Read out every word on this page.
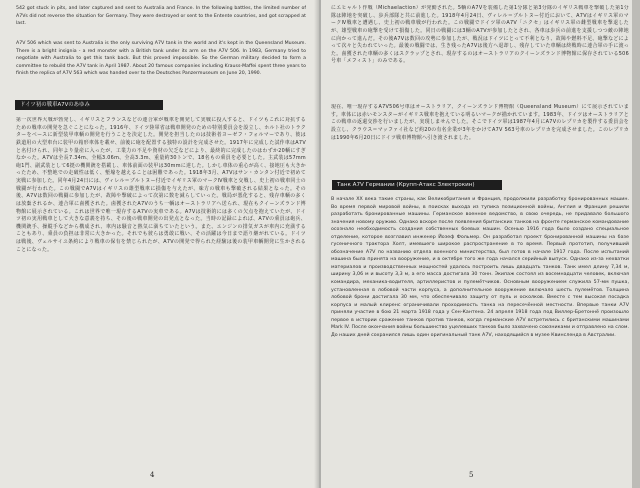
542 got stuck in pits, and later captured and sent to Australia and France. In the following battles, the limited number of A7Vs did not reverse the situation for Germany. They were destroyed or sent to the Entente countries, and got scrapped at last.
A7V 506 which was sent to Australia is the only surviving A7V tank in the world and it's kept in the Queensland Museum. There is a bright insignia - a red monster with a British tank under its arm on the A7V 506. In 1983, Germany tried to negotiate with Australia to get this tank back. But this proved impossible. So the German military decided to form a committee to rebuild the A7V tank in April 1987. About 20 famous companies including Krauss-Maffei spent three years to finish the replica of A7V 563 which was handed over to the Deutsches Panzermuseum on June 20, 1990.
ドイツ初の戦車A7Vのあゆみ
第一次世界大戦が勃発し、イギリスとフランスなどの連合軍が戦車を開発して実戦に投入すると、ドイツもこれに対抗するための戦車の開発を急ぐことになった。1916年、ドイツ陸軍省は戦車開発のための特別委員会を設立し、ホルト社のトラクターをベースに新型装甲車輌の開発を行うことを決定した。開発を担当したのは技術者ヨーゼフ・フォルマーであり、彼は鉄道用の大型車台に装甲の箱形車体を載せ、前後に砲を配置する独特の設計を完成させた。1917年に完成した試作車はA7Vと名付けられ、同年より量産に入ったが、工業力の不足や資材の欠乏などにより、最終的に完成したのはわずか20輌にすぎなかった。A7Vは全長7.34m、全幅3.06m、全高3.3m、重量約30トンで、18名もの乗員を必要とした。主武装は57mm砲1門、副武装として6挺の機関銃を搭載し、車体前面の装甲は30mmに達した。しかし車体の重心が高く、接地圧も大きかったため、不整地での走破性は低く、塹壕を越えることは困難であった。1918年3月、A7Vはサン・カンタン付近で初めて実戦に参加した。同年4月24日には、ヴィレル＝ブルトヌー付近でイギリス軍のマークⅣ戦車と交戦し、史上初の戦車同士の戦闘が行われた。この戦闘でA7Vはイギリスの雄型戦車に損傷を与えたが、味方の戦車も撃破される結果となった。その後、A7Vは数回の戦闘に参加したが、故障や撃破によって次第に数を減らしていった。戦局が悪化すると、残存車輌の多くは放棄されるか、連合軍に鹵獲された。鹵獲されたA7Vのうち一輌はオーストラリアへ送られ、現在もクイーンズランド博物館に展示されている。これは世界で唯一現存するA7Vの実車である。A7Vは技術的には多くの欠点を抱えていたが、ドイツ初の実用戦車として大きな意義を持ち、その後の戦車開発の出発点となった。当時の記録によれば、A7Vの乗員は砲兵、機関銃手、操縦手などから構成され、車内は騒音と熱気に満ちていたという。また、エンジンの排気ガスが車内に充満することもあり、乗員の負担は非常に大きかった。それでも彼らは勇敢に戦い、その活躍は今日まで語り継がれている。ドイツは戦後、ヴェルサイユ条約により戦車の保有を禁じられたが、A7Vの開発で得られた経験は後の装甲車輌開発に生かされることになった。
4
にエヒャルト作戦（Michaelaction）が発動された。5輌のA7Vを装備した第1分隊と第3分隊のイギリス戦車を撃破した第1分隊は陣地を突破し、歩兵部隊と共に前進した。1918年4月24日、ヴィレル＝ブルトヌー付近において、A7Vはイギリス軍のマークⅣ戦車と遭遇し、史上初の戦車戦が行われた。この戦闘でドイツ軍のA7V「ニクセ」はイギリス軍の雌型戦車を撃退したが、雄型戦車の砲撃を受けて損傷した。同日の戦闘には3輌のA7Vが参加したとされ、各車は歩兵の前進を支援しつつ敵の陣地に向かって進んだ。その後A7Vは数回の攻勢に参加したが、戦況はドイツにとって不利となり、故障や燃料不足、砲撃などによって次々と失われていった。最後の戦闘では、生き残ったA7Vは後方へ退却し、残存していた車輌は終戦時に連合軍の手に渡った。鹵獲された車輌の多くはスクラップとされ、現存するのはオーストラリアのクイーンズランド博物館に保存されている506号車「メフィスト」のみである。
現在、唯一現存するA7V506号車はオーストラリア、クイーンズランド博物館（Queensland Museum）にて展示されています。車体には赤いモンスターがイギリス戦車を抱えている明るいマークが描かれています。1983年、ドイツはオーストラリアとこの戦車の返還交渉を行いましたが、実現しませんでした。そこでドイツ軍は1987年4月にA7Vのレプリカを製作する委員会を設立し、クラウス＝マッファイ社など約20の有名企業が3年をかけてA7V 563号車のレプリカを完成させました。このレプリカは1990年6月20日にドイツ戦車博物館へ引き渡されました。
Танк A7V Германии (Крупп-Атакс Злектрокин)
В начале XX века такие страны, как Великобритания и Франция, продолжили разработку бронированных машин. Во время первой мировой войны, в поисках выхода из тупика позиционной войны, Англия и Франция решили разработать бронированные машины. Германское военное ведомство, в свою очередь, не придавало большого значения новому оружию. Однако вскоре после появления британских танков на фронте германское командование осознало необходимость создания собственных боевых машин. Осенью 1916 года было создано специальное отделение, которое возглавил инженер Йозеф Фольмер. Он разработал проект бронированной машины на базе гусеничного трактора Холт, имевшего широкое распространение в то время. Первый прототип, получивший обозначение A7V по названию отдела военного министерства, был готов в начале 1917 года. После испытаний машина была принята на вооружение, и в октябре того же года начался серийный выпуск. Однако из-за нехватки материалов и производственных мощностей удалось построить лишь двадцать танков. Танк имел длину 7,34 м, ширину 3,06 м и высоту 3,3 м, а его масса достигала 30 тонн. Экипаж состоял из восемнадцати человек, включая командира, механика-водителя, артиллеристов и пулемётчиков. Основным вооружением служила 57-мм пушка, установленная в лобовой части корпуса, а дополнительное вооружение включало шесть пулемётов. Толщина лобовой брони достигала 30 мм, что обеспечивало защиту от пуль и осколков. Вместе с тем высокая посадка корпуса и малый клиренс ограничивали проходимость танка на пересечённой местности. Впервые танки A7V приняли участие в бою 21 марта 1918 года у Сен-Кантена. 24 апреля 1918 года под Виллер-Бретоннё произошло первое в истории сражение танков против танков, когда германские A7V встретились с британскими машинами Mark IV. После окончания войны большинство уцелевших танков было захвачено союзниками и отправлено на слом. До наших дней сохранился лишь один оригинальный танк A7V, находящийся в музее Квинсленда в Австралии.
5
